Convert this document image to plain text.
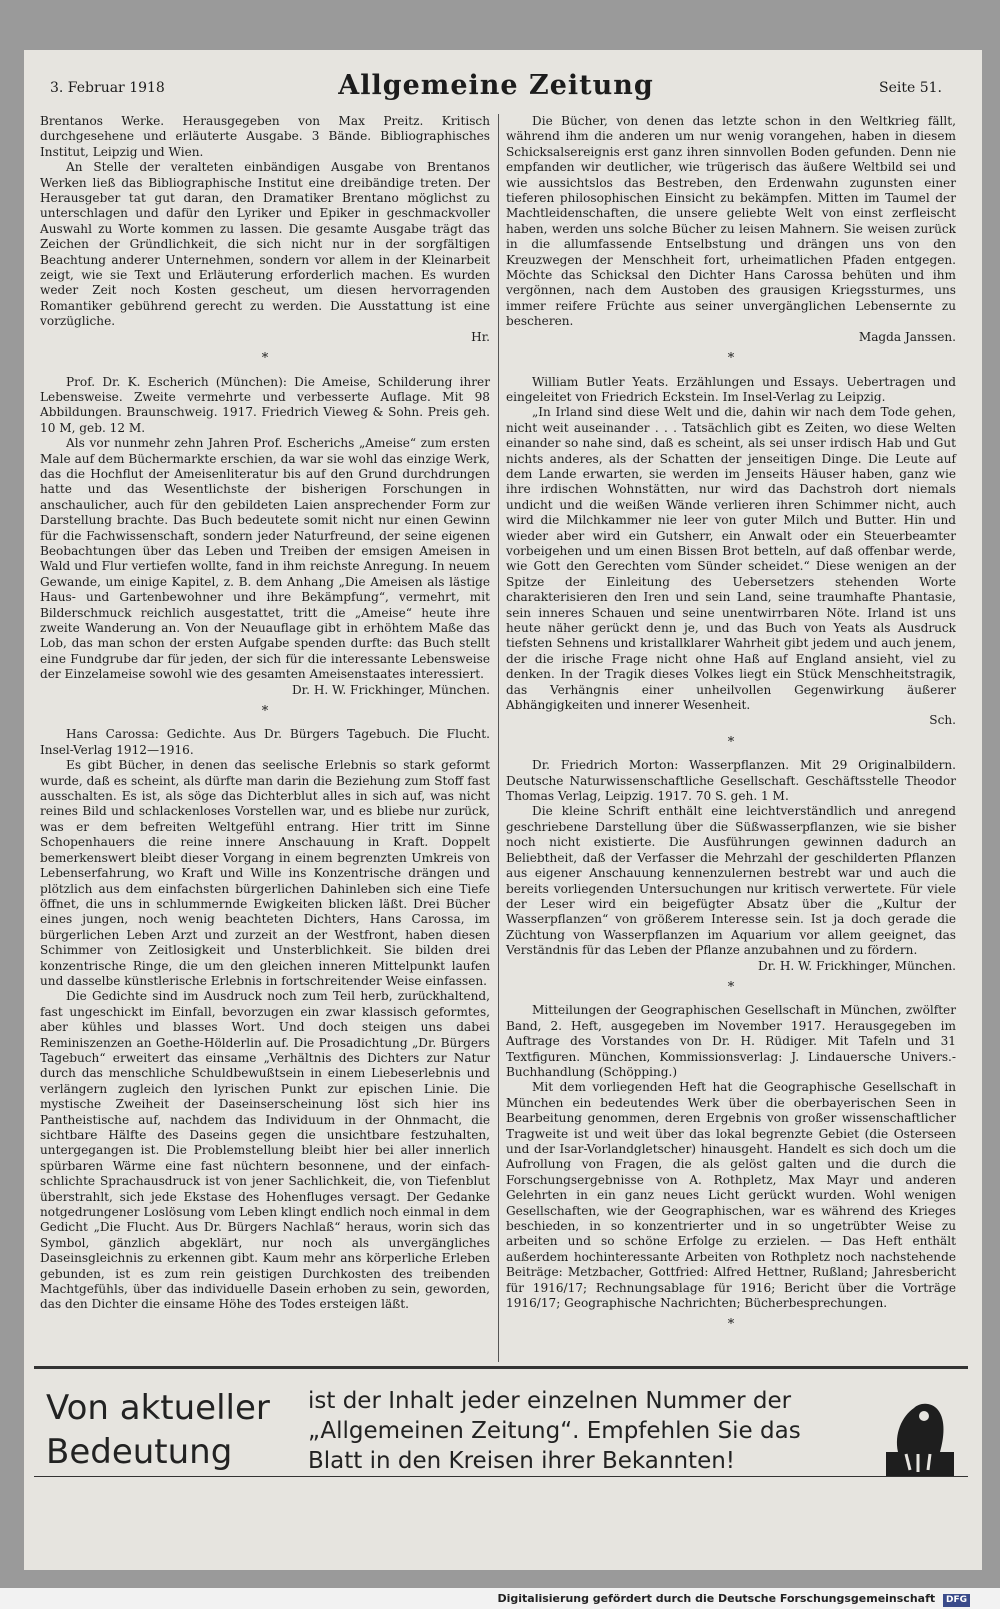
3. Februar 1918	Allgemeine Zeitung	Seite 51.

Brentanos Werke. Herausgegeben von Max Preitz. Kritisch durchgesehene und erläuterte Ausgabe. 3 Bände. Bibliographisches Institut, Leipzig und Wien.

An Stelle der veralteten einbändigen Ausgabe von Brentanos Werken ließ das Bibliographische Institut eine dreibändige treten. Der Herausgeber tat gut daran, den Dramatiker Brentano möglichst zu unterschlagen und dafür den Lyriker und Epiker in geschmackvoller Auswahl zu Worte kommen zu lassen. Die gesamte Ausgabe trägt das Zeichen der Gründlichkeit, die sich nicht nur in der sorgfältigen Beachtung anderer Unternehmen, sondern vor allem in der Kleinarbeit zeigt, wie sie Text und Erläuterung erforderlich machen. Es wurden weder Zeit noch Kosten gescheut, um diesen hervorragenden Romantiker gebührend gerecht zu werden. Die Ausstattung ist eine vorzügliche.

Hr.
*

Prof. Dr. K. Escherich (München): Die Ameise, Schilderung ihrer Lebensweise. Zweite vermehrte und verbesserte Auflage. Mit 98 Abbildungen. Braunschweig. 1917. Friedrich Vieweg & Sohn. Preis geh. 10 M, geb. 12 M.

Als vor nunmehr zehn Jahren Prof. Escherichs „Ameise“ zum ersten Male auf dem Büchermarkte erschien, da war sie wohl das einzige Werk, das die Hochflut der Ameisenliteratur bis auf den Grund durchdrungen hatte und das Wesentlichste der bisherigen Forschungen in anschaulicher, auch für den gebildeten Laien ansprechender Form zur Darstellung brachte. Das Buch bedeutete somit nicht nur einen Gewinn für die Fachwissenschaft, sondern jeder Naturfreund, der seine eigenen Beobachtungen über das Leben und Treiben der emsigen Ameisen in Wald und Flur vertiefen wollte, fand in ihm reichste Anregung. In neuem Gewande, um einige Kapitel, z. B. dem Anhang „Die Ameisen als lästige Haus- und Gartenbewohner und ihre Bekämpfung“, vermehrt, mit Bilderschmuck reichlich ausgestattet, tritt die „Ameise“ heute ihre zweite Wanderung an. Von der Neuauflage gibt in erhöhtem Maße das Lob, das man schon der ersten Aufgabe spenden durfte: das Buch stellt eine Fundgrube dar für jeden, der sich für die interessante Lebensweise der Einzelameise sowohl wie des gesamten Ameisenstaates interessiert.

Dr. H. W. Frickhinger, München.
*

Hans Carossa: Gedichte. Aus Dr. Bürgers Tagebuch. Die Flucht. Insel-Verlag 1912—1916.

Es gibt Bücher, in denen das seelische Erlebnis so stark geformt wurde, daß es scheint, als dürfte man darin die Beziehung zum Stoff fast ausschalten. Es ist, als söge das Dichterblut alles in sich auf, was nicht reines Bild und schlackenloses Vorstellen war, und es bliebe nur zurück, was er dem befreiten Weltgefühl entrang. Hier tritt im Sinne Schopenhauers die reine innere Anschauung in Kraft. Doppelt bemerkenswert bleibt dieser Vorgang in einem begrenzten Umkreis von Lebenserfahrung, wo Kraft und Wille ins Konzentrische drängen und plötzlich aus dem einfachsten bürgerlichen Dahinleben sich eine Tiefe öffnet, die uns in schlummernde Ewigkeiten blicken läßt. Drei Bücher eines jungen, noch wenig beachteten Dichters, Hans Carossa, im bürgerlichen Leben Arzt und zurzeit an der Westfront, haben diesen Schimmer von Zeitlosigkeit und Unsterblichkeit. Sie bilden drei konzentrische Ringe, die um den gleichen inneren Mittelpunkt laufen und dasselbe künstlerische Erlebnis in fortschreitender Weise einfassen.

Die Gedichte sind im Ausdruck noch zum Teil herb, zurückhaltend, fast ungeschickt im Einfall, bevorzugen ein zwar klassisch geformtes, aber kühles und blasses Wort. Und doch steigen uns dabei Reminiszenzen an Goethe-Hölderlin auf. Die Prosadichtung „Dr. Bürgers Tagebuch“ erweitert das einsame „Verhältnis des Dichters zur Natur durch das menschliche Schuldbewußtsein in einem Liebeserlebnis und verlängern zugleich den lyrischen Punkt zur epischen Linie. Die mystische Zweiheit der Daseinserscheinung löst sich hier ins Pantheistische auf, nachdem das Individuum in der Ohnmacht, die sichtbare Hälfte des Daseins gegen die unsichtbare festzuhalten, untergegangen ist. Die Problemstellung bleibt hier bei aller innerlich spürbaren Wärme eine fast nüchtern besonnene, und der einfach-schlichte Sprachausdruck ist von jener Sachlichkeit, die, von Tiefenblut überstrahlt, sich jede Ekstase des Hohenfluges versagt. Der Gedanke notgedrungener Loslösung vom Leben klingt endlich noch einmal in dem Gedicht „Die Flucht. Aus Dr. Bürgers Nachlaß“ heraus, worin sich das Symbol, gänzlich abgeklärt, nur noch als unvergängliches Daseinsgleichnis zu erkennen gibt. Kaum mehr ans körperliche Erleben gebunden, ist es zum rein geistigen Durchkosten des treibenden Machtgefühls, über das individuelle Dasein erhoben zu sein, geworden, das den Dichter die einsame Höhe des Todes ersteigen läßt.

Die Bücher, von denen das letzte schon in den Weltkrieg fällt, während ihm die anderen um nur wenig vorangehen, haben in diesem Schicksalsereignis erst ganz ihren sinnvollen Boden gefunden. Denn nie empfanden wir deutlicher, wie trügerisch das äußere Weltbild sei und wie aussichtslos das Bestreben, den Erdenwahn zugunsten einer tieferen philosophischen Einsicht zu bekämpfen. Mitten im Taumel der Machtleidenschaften, die unsere geliebte Welt von einst zerfleischt haben, werden uns solche Bücher zu leisen Mahnern. Sie weisen zurück in die allumfassende Entselbstung und drängen uns von den Kreuzwegen der Menschheit fort, urheimatlichen Pfaden entgegen. Möchte das Schicksal den Dichter Hans Carossa behüten und ihm vergönnen, nach dem Austoben des grausigen Kriegssturmes, uns immer reifere Früchte aus seiner unvergänglichen Lebensernte zu bescheren.

Magda Janssen.
*

William Butler Yeats. Erzählungen und Essays. Uebertragen und eingeleitet von Friedrich Eckstein. Im Insel-Verlag zu Leipzig.

„In Irland sind diese Welt und die, dahin wir nach dem Tode gehen, nicht weit auseinander . . . Tatsächlich gibt es Zeiten, wo diese Welten einander so nahe sind, daß es scheint, als sei unser irdisch Hab und Gut nichts anderes, als der Schatten der jenseitigen Dinge. Die Leute auf dem Lande erwarten, sie werden im Jenseits Häuser haben, ganz wie ihre irdischen Wohnstätten, nur wird das Dachstroh dort niemals undicht und die weißen Wände verlieren ihren Schimmer nicht, auch wird die Milchkammer nie leer von guter Milch und Butter. Hin und wieder aber wird ein Gutsherr, ein Anwalt oder ein Steuerbeamter vorbeigehen und um einen Bissen Brot betteln, auf daß offenbar werde, wie Gott den Gerechten vom Sünder scheidet.“ Diese wenigen an der Spitze der Einleitung des Uebersetzers stehenden Worte charakterisieren den Iren und sein Land, seine traumhafte Phantasie, sein inneres Schauen und seine unentwirrbaren Nöte. Irland ist uns heute näher gerückt denn je, und das Buch von Yeats als Ausdruck tiefsten Sehnens und kristallklarer Wahrheit gibt jedem und auch jenem, der die irische Frage nicht ohne Haß auf England ansieht, viel zu denken. In der Tragik dieses Volkes liegt ein Stück Menschheitstragik, das Verhängnis einer unheilvollen Gegenwirkung äußerer Abhängigkeiten und innerer Wesenheit.

Sch.
*

Dr. Friedrich Morton: Wasserpflanzen. Mit 29 Originalbildern. Deutsche Naturwissenschaftliche Gesellschaft. Geschäftsstelle Theodor Thomas Verlag, Leipzig. 1917. 70 S. geh. 1 M.

Die kleine Schrift enthält eine leichtverständlich und anregend geschriebene Darstellung über die Süßwasserpflanzen, wie sie bisher noch nicht existierte. Die Ausführungen gewinnen dadurch an Beliebtheit, daß der Verfasser die Mehrzahl der geschilderten Pflanzen aus eigener Anschauung kennenzulernen bestrebt war und auch die bereits vorliegenden Untersuchungen nur kritisch verwertete. Für viele der Leser wird ein beigefügter Absatz über die „Kultur der Wasserpflanzen“ von größerem Interesse sein. Ist ja doch gerade die Züchtung von Wasserpflanzen im Aquarium vor allem geeignet, das Verständnis für das Leben der Pflanze anzubahnen und zu fördern.

Dr. H. W. Frickhinger, München.
*

Mitteilungen der Geographischen Gesellschaft in München, zwölfter Band, 2. Heft, ausgegeben im November 1917. Herausgegeben im Auftrage des Vorstandes von Dr. H. Rüdiger. Mit Tafeln und 31 Textfiguren. München, Kommissionsverlag: J. Lindauersche Univers.-Buchhandlung (Schöpping.)

Mit dem vorliegenden Heft hat die Geographische Gesellschaft in München ein bedeutendes Werk über die oberbayerischen Seen in Bearbeitung genommen, deren Ergebnis von großer wissenschaftlicher Tragweite ist und weit über das lokal begrenzte Gebiet (die Osterseen und der Isar-Vorlandgletscher) hinausgeht. Handelt es sich doch um die Aufrollung von Fragen, die als gelöst galten und die durch die Forschungsergebnisse von A. Rothpletz, Max Mayr und anderen Gelehrten in ein ganz neues Licht gerückt wurden. Wohl wenigen Gesellschaften, wie der Geographischen, war es während des Krieges beschieden, in so konzentrierter und in so ungetrübter Weise zu arbeiten und so schöne Erfolge zu erzielen. — Das Heft enthält außerdem hochinteressante Arbeiten von Rothpletz noch nachstehende Beiträge: Metzbacher, Gottfried: Alfred Hettner, Rußland; Jahresbericht für 1916/17; Rechnungsablage für 1916; Bericht über die Vorträge 1916/17; Geographische Nachrichten; Bücherbesprechungen.

*
Von aktueller
Bedeutung
ist der Inhalt jeder einzelnen Nummer der
„Allgemeinen Zeitung“. Empfehlen Sie das
Blatt in den Kreisen ihrer Bekannten!
Digitalisierung gefördert durch die Deutsche Forschungsgemeinschaft DFG
